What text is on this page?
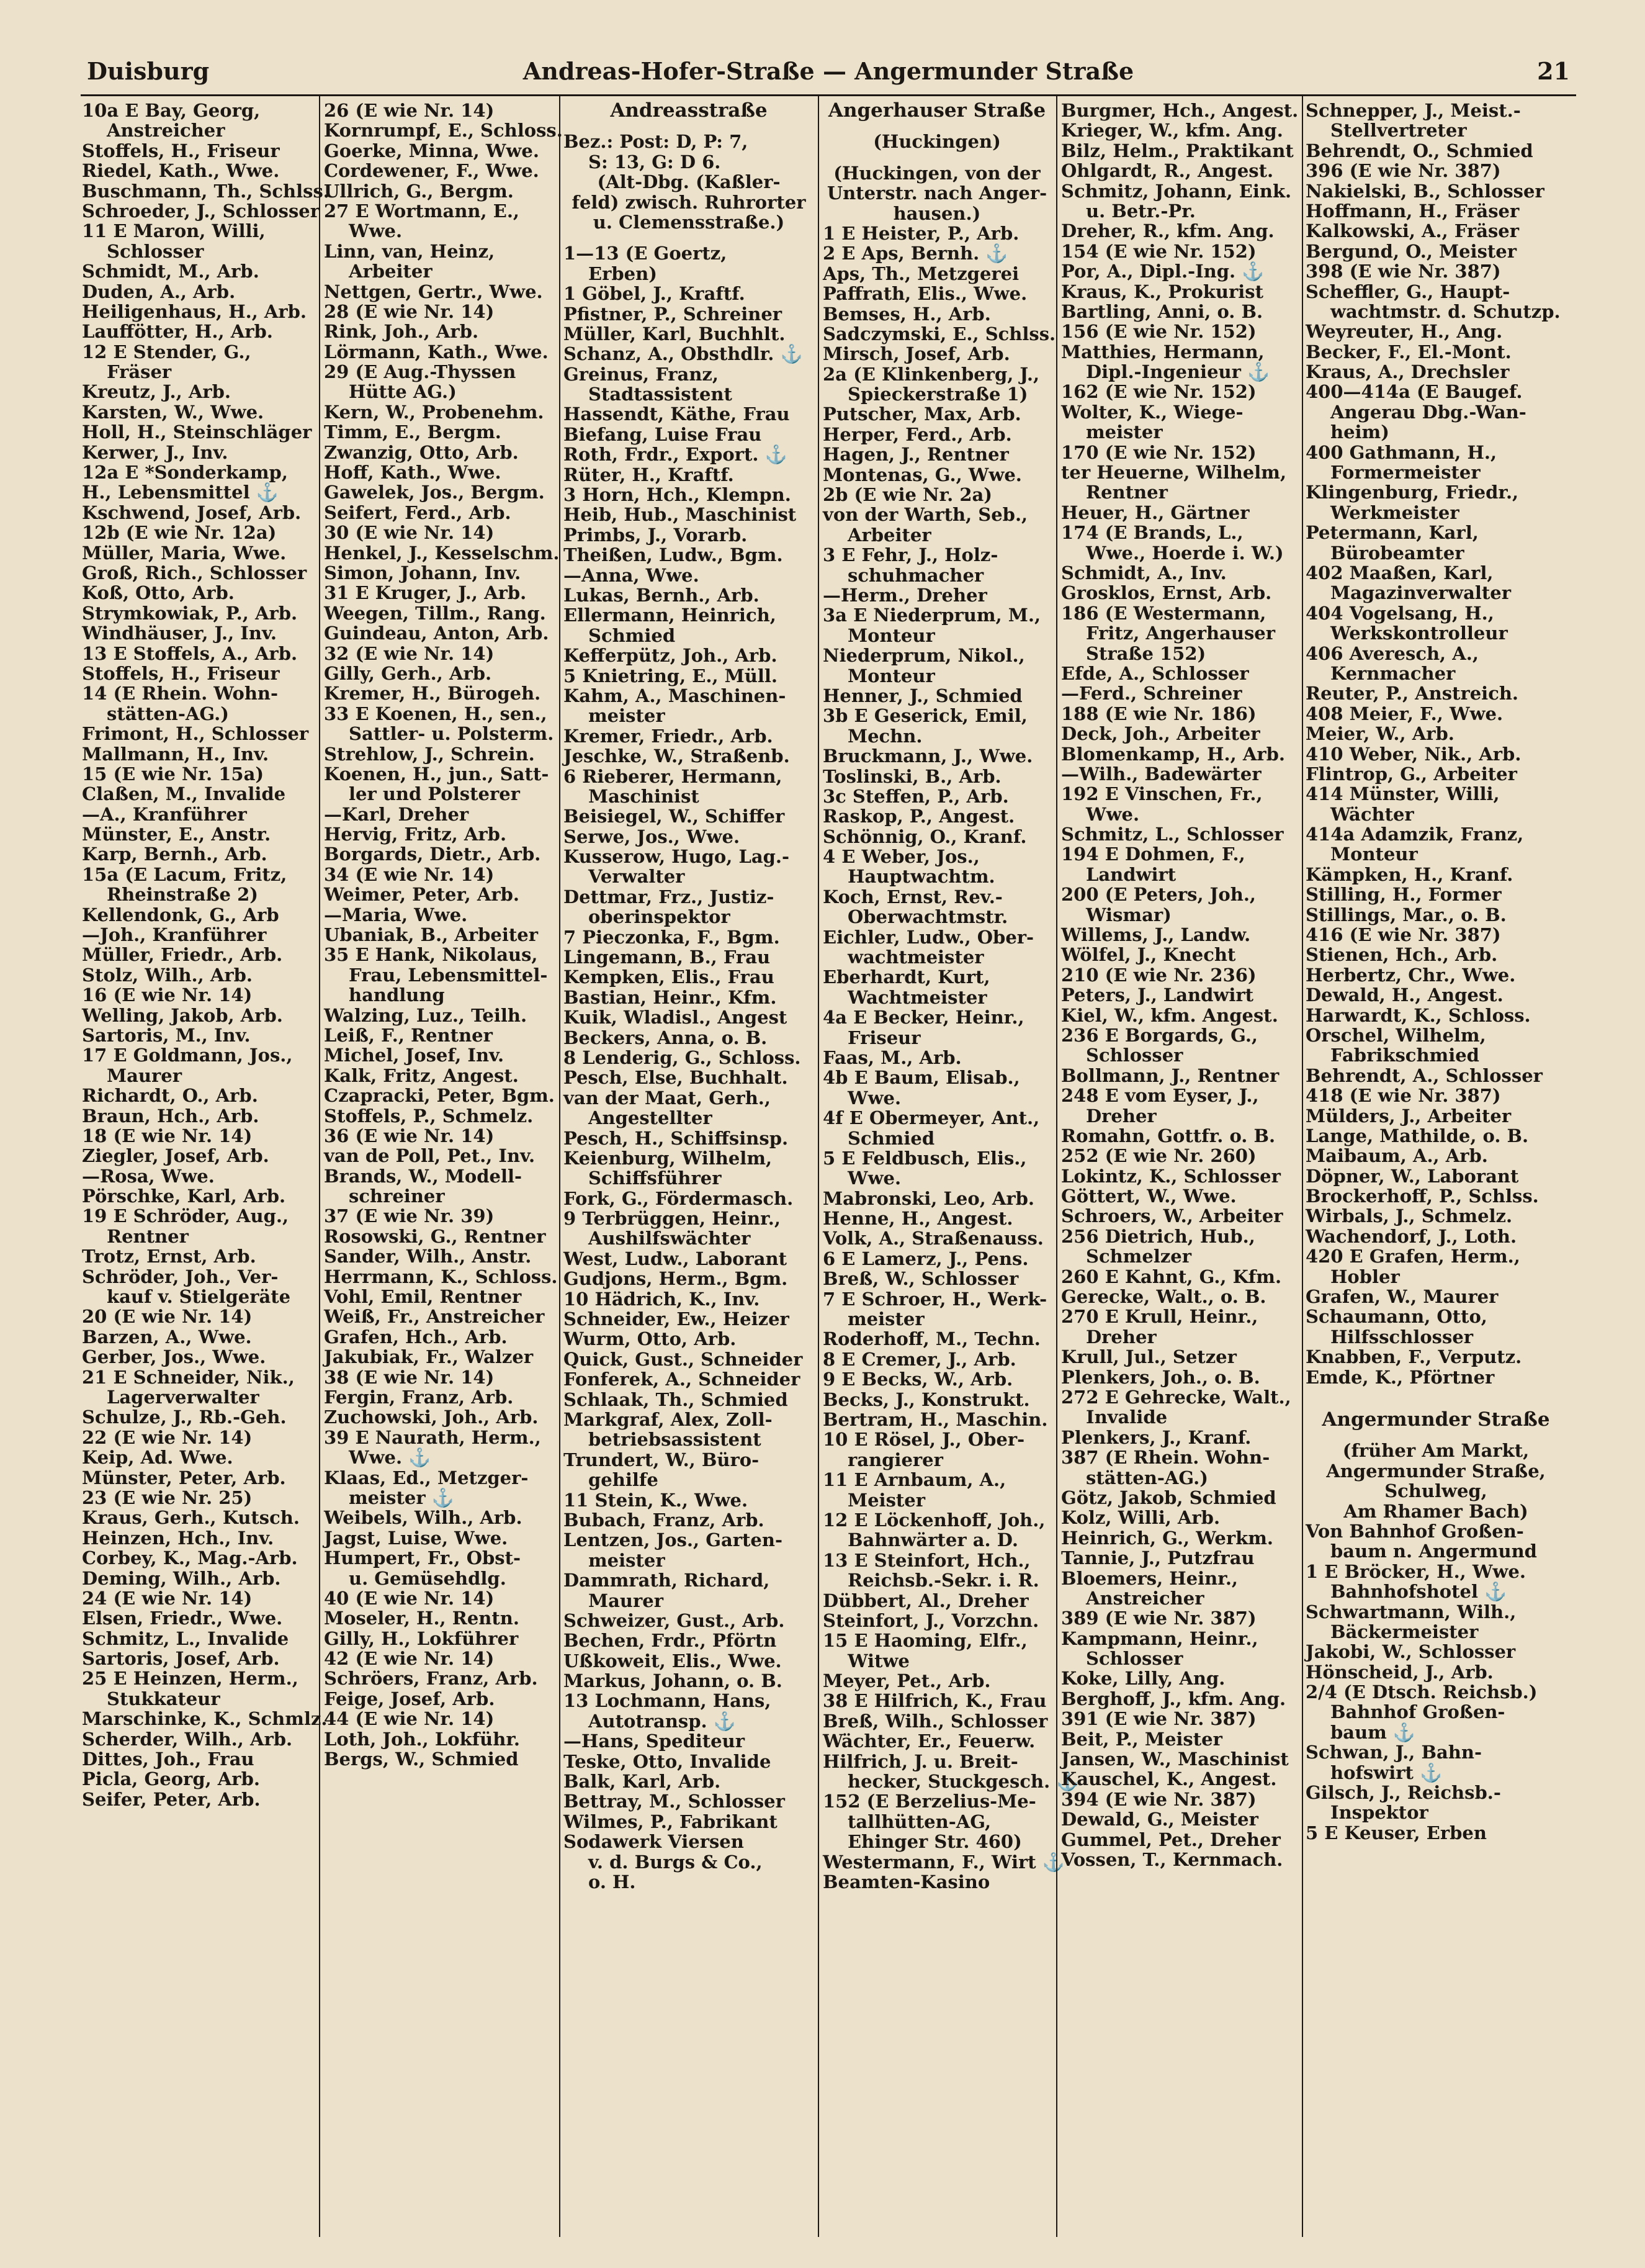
Duisburg	Andreas-Hofer-Straße — Angermunder Straße	21
10a E Bay, Georg,
Anstreicher
Stoffels, H., Friseur
Riedel, Kath., Wwe.
Buschmann, Th., Schlss.
Schroeder, J., Schlosser
11 E Maron, Willi,
Schlosser
Schmidt, M., Arb.
Duden, A., Arb.
Heiligenhaus, H., Arb.
Lauffötter, H., Arb.
12 E Stender, G.,
Fräser
Kreutz, J., Arb.
Karsten, W., Wwe.
Holl, H., Steinschläger
Kerwer, J., Inv.
12a E *Sonderkamp,
H., Lebensmittel ⚓
Kschwend, Josef, Arb.
12b (E wie Nr. 12a)
Müller, Maria, Wwe.
Groß, Rich., Schlosser
Koß, Otto, Arb.
Strymkowiak, P., Arb.
Windhäuser, J., Inv.
13 E Stoffels, A., Arb.
Stoffels, H., Friseur
14 (E Rhein. Wohn-
stätten-AG.)
Frimont, H., Schlosser
Mallmann, H., Inv.
15 (E wie Nr. 15a)
Claßen, M., Invalide
—A., Kranführer
Münster, E., Anstr.
Karp, Bernh., Arb.
15a (E Lacum, Fritz,
Rheinstraße 2)
Kellendonk, G., Arb
—Joh., Kranführer
Müller, Friedr., Arb.
Stolz, Wilh., Arb.
16 (E wie Nr. 14)
Welling, Jakob, Arb.
Sartoris, M., Inv.
17 E Goldmann, Jos.,
Maurer
Richardt, O., Arb.
Braun, Hch., Arb.
18 (E wie Nr. 14)
Ziegler, Josef, Arb.
—Rosa, Wwe.
Pörschke, Karl, Arb.
19 E Schröder, Aug.,
Rentner
Trotz, Ernst, Arb.
Schröder, Joh., Ver-
kauf v. Stielgeräte
20 (E wie Nr. 14)
Barzen, A., Wwe.
Gerber, Jos., Wwe.
21 E Schneider, Nik.,
Lagerverwalter
Schulze, J., Rb.-Geh.
22 (E wie Nr. 14)
Keip, Ad. Wwe.
Münster, Peter, Arb.
23 (E wie Nr. 25)
Kraus, Gerh., Kutsch.
Heinzen, Hch., Inv.
Corbey, K., Mag.-Arb.
Deming, Wilh., Arb.
24 (E wie Nr. 14)
Elsen, Friedr., Wwe.
Schmitz, L., Invalide
Sartoris, Josef, Arb.
25 E Heinzen, Herm.,
Stukkateur
Marschinke, K., Schmlz.
Scherder, Wilh., Arb.
Dittes, Joh., Frau
Picla, Georg, Arb.
Seifer, Peter, Arb.
26 (E wie Nr. 14)
Kornrumpf, E., Schloss.
Goerke, Minna, Wwe.
Cordewener, F., Wwe.
Ullrich, G., Bergm.
27 E Wortmann, E.,
Wwe.
Linn, van, Heinz,
Arbeiter
Nettgen, Gertr., Wwe.
28 (E wie Nr. 14)
Rink, Joh., Arb.
Lörmann, Kath., Wwe.
29 (E Aug.-Thyssen
Hütte AG.)
Kern, W., Probenehm.
Timm, E., Bergm.
Zwanzig, Otto, Arb.
Hoff, Kath., Wwe.
Gawelek, Jos., Bergm.
Seifert, Ferd., Arb.
30 (E wie Nr. 14)
Henkel, J., Kesselschm.
Simon, Johann, Inv.
31 E Kruger, J., Arb.
Weegen, Tillm., Rang.
Guindeau, Anton, Arb.
32 (E wie Nr. 14)
Gilly, Gerh., Arb.
Kremer, H., Bürogeh.
33 E Koenen, H., sen.,
Sattler- u. Polsterm.
Strehlow, J., Schrein.
Koenen, H., jun., Satt-
ler und Polsterer
—Karl, Dreher
Hervig, Fritz, Arb.
Borgards, Dietr., Arb.
34 (E wie Nr. 14)
Weimer, Peter, Arb.
—Maria, Wwe.
Ubaniak, B., Arbeiter
35 E Hank, Nikolaus,
Frau, Lebensmittel-
handlung
Walzing, Luz., Teilh.
Leiß, F., Rentner
Michel, Josef, Inv.
Kalk, Fritz, Angest.
Czapracki, Peter, Bgm.
Stoffels, P., Schmelz.
36 (E wie Nr. 14)
van de Poll, Pet., Inv.
Brands, W., Modell-
schreiner
37 (E wie Nr. 39)
Rosowski, G., Rentner
Sander, Wilh., Anstr.
Herrmann, K., Schloss.
Vohl, Emil, Rentner
Weiß, Fr., Anstreicher
Grafen, Hch., Arb.
Jakubiak, Fr., Walzer
38 (E wie Nr. 14)
Fergin, Franz, Arb.
Zuchowski, Joh., Arb.
39 E Naurath, Herm.,
Wwe. ⚓
Klaas, Ed., Metzger-
meister ⚓
Weibels, Wilh., Arb.
Jagst, Luise, Wwe.
Humpert, Fr., Obst-
u. Gemüsehdlg.
40 (E wie Nr. 14)
Moseler, H., Rentn.
Gilly, H., Lokführer
42 (E wie Nr. 14)
Schröers, Franz, Arb.
Feige, Josef, Arb.
44 (E wie Nr. 14)
Loth, Joh., Lokführ.
Bergs, W., Schmied
Andreasstraße
Bez.: Post: D, P: 7,
S: 13, G: D 6.
(Alt-Dbg. (Kaßler-
feld) zwisch. Ruhrorter
u. Clemensstraße.)
1—13 (E Goertz,
Erben)
1 Göbel, J., Kraftf.
Pfistner, P., Schreiner
Müller, Karl, Buchhlt.
Schanz, A., Obsthdlr. ⚓
Greinus, Franz,
Stadtassistent
Hassendt, Käthe, Frau
Biefang, Luise Frau
Roth, Frdr., Export. ⚓
Rüter, H., Kraftf.
3 Horn, Hch., Klempn.
Heib, Hub., Maschinist
Primbs, J., Vorarb.
Theißen, Ludw., Bgm.
—Anna, Wwe.
Lukas, Bernh., Arb.
Ellermann, Heinrich,
Schmied
Kefferpütz, Joh., Arb.
5 Knietring, E., Müll.
Kahm, A., Maschinen-
meister
Kremer, Friedr., Arb.
Jeschke, W., Straßenb.
6 Rieberer, Hermann,
Maschinist
Beisiegel, W., Schiffer
Serwe, Jos., Wwe.
Kusserow, Hugo, Lag.-
Verwalter
Dettmar, Frz., Justiz-
oberinspektor
7 Pieczonka, F., Bgm.
Lingemann, B., Frau
Kempken, Elis., Frau
Bastian, Heinr., Kfm.
Kuik, Wladisl., Angest
Beckers, Anna, o. B.
8 Lenderig, G., Schloss.
Pesch, Else, Buchhalt.
van der Maat, Gerh.,
Angestellter
Pesch, H., Schiffsinsp.
Keienburg, Wilhelm,
Schiffsführer
Fork, G., Fördermasch.
9 Terbrüggen, Heinr.,
Aushilfswächter
West, Ludw., Laborant
Gudjons, Herm., Bgm.
10 Hädrich, K., Inv.
Schneider, Ew., Heizer
Wurm, Otto, Arb.
Quick, Gust., Schneider
Fonferek, A., Schneider
Schlaak, Th., Schmied
Markgraf, Alex, Zoll-
betriebsassistent
Trundert, W., Büro-
gehilfe
11 Stein, K., Wwe.
Bubach, Franz, Arb.
Lentzen, Jos., Garten-
meister
Dammrath, Richard,
Maurer
Schweizer, Gust., Arb.
Bechen, Frdr., Pförtn
Ußkoweit, Elis., Wwe.
Markus, Johann, o. B.
13 Lochmann, Hans,
Autotransp. ⚓
—Hans, Spediteur
Teske, Otto, Invalide
Balk, Karl, Arb.
Bettray, M., Schlosser
Wilmes, P., Fabrikant
Sodawerk Viersen
v. d. Burgs & Co.,
o. H.
Angerhauser Straße
(Huckingen)
(Huckingen, von der
Unterstr. nach Anger-
hausen.)
1 E Heister, P., Arb.
2 E Aps, Bernh. ⚓
Aps, Th., Metzgerei
Paffrath, Elis., Wwe.
Bemses, H., Arb.
Sadczymski, E., Schlss.
Mirsch, Josef, Arb.
2a (E Klinkenberg, J.,
Spieckerstraße 1)
Putscher, Max, Arb.
Herper, Ferd., Arb.
Hagen, J., Rentner
Montenas, G., Wwe.
2b (E wie Nr. 2a)
von der Warth, Seb.,
Arbeiter
3 E Fehr, J., Holz-
schuhmacher
—Herm., Dreher
3a E Niederprum, M.,
Monteur
Niederprum, Nikol.,
Monteur
Henner, J., Schmied
3b E Geserick, Emil,
Mechn.
Bruckmann, J., Wwe.
Toslinski, B., Arb.
3c Steffen, P., Arb.
Raskop, P., Angest.
Schönnig, O., Kranf.
4 E Weber, Jos.,
Hauptwachtm.
Koch, Ernst, Rev.-
Oberwachtmstr.
Eichler, Ludw., Ober-
wachtmeister
Eberhardt, Kurt,
Wachtmeister
4a E Becker, Heinr.,
Friseur
Faas, M., Arb.
4b E Baum, Elisab.,
Wwe.
4f E Obermeyer, Ant.,
Schmied
5 E Feldbusch, Elis.,
Wwe.
Mabronski, Leo, Arb.
Henne, H., Angest.
Volk, A., Straßenauss.
6 E Lamerz, J., Pens.
Breß, W., Schlosser
7 E Schroer, H., Werk-
meister
Roderhoff, M., Techn.
8 E Cremer, J., Arb.
9 E Becks, W., Arb.
Becks, J., Konstrukt.
Bertram, H., Maschin.
10 E Rösel, J., Ober-
rangierer
11 E Arnbaum, A.,
Meister
12 E Löckenhoff, Joh.,
Bahnwärter a. D.
13 E Steinfort, Hch.,
Reichsb.-Sekr. i. R.
Dübbert, Al., Dreher
Steinfort, J., Vorzchn.
15 E Haoming, Elfr.,
Witwe
Meyer, Pet., Arb.
38 E Hilfrich, K., Frau
Breß, Wilh., Schlosser
Wächter, Er., Feuerw.
Hilfrich, J. u. Breit-
hecker, Stuckgesch. ⚓
152 (E Berzelius-Me-
tallhütten-AG,
Ehinger Str. 460)
Westermann, F., Wirt ⚓
Beamten-Kasino
Burgmer, Hch., Angest.
Krieger, W., kfm. Ang.
Bilz, Helm., Praktikant
Ohlgardt, R., Angest.
Schmitz, Johann, Eink.
u. Betr.-Pr.
Dreher, R., kfm. Ang.
154 (E wie Nr. 152)
Por, A., Dipl.-Ing. ⚓
Kraus, K., Prokurist
Bartling, Anni, o. B.
156 (E wie Nr. 152)
Matthies, Hermann,
Dipl.-Ingenieur ⚓
162 (E wie Nr. 152)
Wolter, K., Wiege-
meister
170 (E wie Nr. 152)
ter Heuerne, Wilhelm,
Rentner
Heuer, H., Gärtner
174 (E Brands, L.,
Wwe., Hoerde i. W.)
Schmidt, A., Inv.
Grosklos, Ernst, Arb.
186 (E Westermann,
Fritz, Angerhauser
Straße 152)
Efde, A., Schlosser
—Ferd., Schreiner
188 (E wie Nr. 186)
Deck, Joh., Arbeiter
Blomenkamp, H., Arb.
—Wilh., Badewärter
192 E Vinschen, Fr.,
Wwe.
Schmitz, L., Schlosser
194 E Dohmen, F.,
Landwirt
200 (E Peters, Joh.,
Wismar)
Willems, J., Landw.
Wölfel, J., Knecht
210 (E wie Nr. 236)
Peters, J., Landwirt
Kiel, W., kfm. Angest.
236 E Borgards, G.,
Schlosser
Bollmann, J., Rentner
248 E vom Eyser, J.,
Dreher
Romahn, Gottfr. o. B.
252 (E wie Nr. 260)
Lokintz, K., Schlosser
Göttert, W., Wwe.
Schroers, W., Arbeiter
256 Dietrich, Hub.,
Schmelzer
260 E Kahnt, G., Kfm.
Gerecke, Walt., o. B.
270 E Krull, Heinr.,
Dreher
Krull, Jul., Setzer
Plenkers, Joh., o. B.
272 E Gehrecke, Walt.,
Invalide
Plenkers, J., Kranf.
387 (E Rhein. Wohn-
stätten-AG.)
Götz, Jakob, Schmied
Kolz, Willi, Arb.
Heinrich, G., Werkm.
Tannie, J., Putzfrau
Bloemers, Heinr.,
Anstreicher
389 (E wie Nr. 387)
Kampmann, Heinr.,
Schlosser
Koke, Lilly, Ang.
Berghoff, J., kfm. Ang.
391 (E wie Nr. 387)
Beit, P., Meister
Jansen, W., Maschinist
Kauschel, K., Angest.
394 (E wie Nr. 387)
Dewald, G., Meister
Gummel, Pet., Dreher
Vossen, T., Kernmach.
Schnepper, J., Meist.-
Stellvertreter
Behrendt, O., Schmied
396 (E wie Nr. 387)
Nakielski, B., Schlosser
Hoffmann, H., Fräser
Kalkowski, A., Fräser
Bergund, O., Meister
398 (E wie Nr. 387)
Scheffler, G., Haupt-
wachtmstr. d. Schutzp.
Weyreuter, H., Ang.
Becker, F., El.-Mont.
Kraus, A., Drechsler
400—414a (E Baugef.
Angerau Dbg.-Wan-
heim)
400 Gathmann, H.,
Formermeister
Klingenburg, Friedr.,
Werkmeister
Petermann, Karl,
Bürobeamter
402 Maaßen, Karl,
Magazinverwalter
404 Vogelsang, H.,
Werkskontrolleur
406 Averesch, A.,
Kernmacher
Reuter, P., Anstreich.
408 Meier, F., Wwe.
Meier, W., Arb.
410 Weber, Nik., Arb.
Flintrop, G., Arbeiter
414 Münster, Willi,
Wächter
414a Adamzik, Franz,
Monteur
Kämpken, H., Kranf.
Stilling, H., Former
Stillings, Mar., o. B.
416 (E wie Nr. 387)
Stienen, Hch., Arb.
Herbertz, Chr., Wwe.
Dewald, H., Angest.
Harwardt, K., Schloss.
Orschel, Wilhelm,
Fabrikschmied
Behrendt, A., Schlosser
418 (E wie Nr. 387)
Mülders, J., Arbeiter
Lange, Mathilde, o. B.
Maibaum, A., Arb.
Döpner, W., Laborant
Brockerhoff, P., Schlss.
Wirbals, J., Schmelz.
Wachendorf, J., Loth.
420 E Grafen, Herm.,
Hobler
Grafen, W., Maurer
Schaumann, Otto,
Hilfsschlosser
Knabben, F., Verputz.
Emde, K., Pförtner
Angermunder Straße
(früher Am Markt,
Angermunder Straße,
Schulweg,
Am Rhamer Bach)
Von Bahnhof Großen-
baum n. Angermund
1 E Bröcker, H., Wwe.
Bahnhofshotel ⚓
Schwartmann, Wilh.,
Bäckermeister
Jakobi, W., Schlosser
Hönscheid, J., Arb.
2/4 (E Dtsch. Reichsb.)
Bahnhof Großen-
baum ⚓
Schwan, J., Bahn-
hofswirt ⚓
Gilsch, J., Reichsb.-
Inspektor
5 E Keuser, Erben
